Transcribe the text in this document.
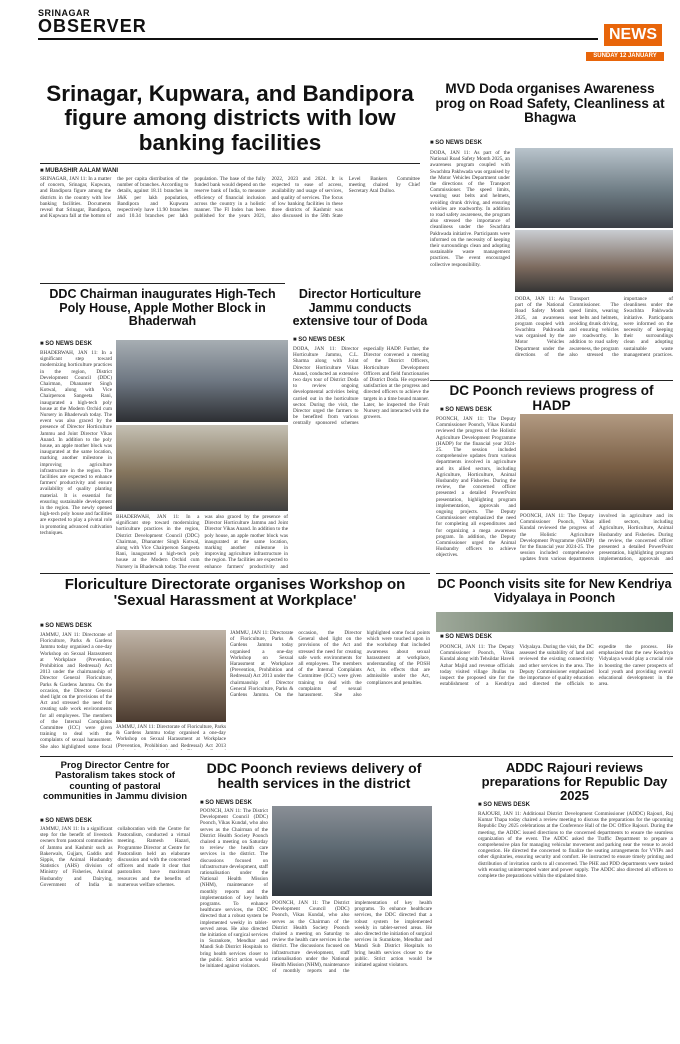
SRINAGAR
OBSERVER	NEWS
SUNDAY 12 JANUARY 2025
Srinagar, Kupwara, and Bandipora figure among districts with low banking facilities
■ MUBASHIR AALAM WANI
SRINAGAR, JAN 11: In a matter of concern, Srinagar, Kupwara, and Bandipora figure among the districts in the country with low banking facilities. Documents reveal that Srinagar, Bandipora, and Kupwara fall at the bottom of the per capita distribution of the number of branches. According to details, against 18.11 branches in J&K per lakh population, Bandipora and Kupwara respectively have 11.90 branches and 10.34 branches per lakh population. The base of the fully funded bank would depend on the reserve bank of India, to measure efficiency of financial inclusion across the country in a holistic manner. The FI Index has been published for the years 2021, 2022, 2023 and 2024. It is expected to ease of access, availability and usage of services, and quality of services. The focus of low banking facilities in these three districts of Kashmir was also discussed in the 58th State Level Bankers Committee meeting chaired by Chief Secretary Atal Dulloo.
MVD Doda organises Awareness prog on Road Safety, Cleanliness at Bhagwa
■ SO NEWS DESK
DODA, JAN 11: As part of the National Road Safety Month 2025, an awareness program coupled with Swachhta Pakhwada was organised by the Motor Vehicles Department under the directions of the Transport Commissioner. The speed limits, wearing seat belts and helmets, avoiding drunk driving, and ensuring vehicles are roadworthy. In addition to road safety awareness, the program also stressed the importance of cleanliness under the Swachhta Pakhwada initiative. Participants were informed on the necessity of keeping their surroundings clean and adopting sustainable waste management practices. The event encouraged collective responsibility.
DODA, JAN 11: As part of the National Road Safety Month 2025, an awareness program coupled with Swachhta Pakhwada was organised by the Motor Vehicles Department under the directions of the Transport Commissioner. The speed limits, wearing seat belts and helmets, avoiding drunk driving, and ensuring vehicles are roadworthy. In addition to road safety awareness, the program also stressed the importance of cleanliness under the Swachhta Pakhwada initiative. Participants were informed on the necessity of keeping their surroundings clean and adopting sustainable waste management practices.
DDC Chairman inaugurates High-Tech Poly House, Apple Mother Block in Bhaderwah
■ SO NEWS DESK
BHADERWAH, JAN 11: In a significant step toward modernizing horticulture practices in the region, District Development Council (DDC) Chairman, Dhananter Singh Kotwal, along with Vice Chairperson Sangeeta Rani, inaugurated a high-tech poly house at the Modern Orchid cum Nursery in Bhaderwah today. The event was also graced by the presence of Director Horticulture Jammu and Joint Director Vikas Anand. In addition to the poly house, an apple mother block was inaugurated at the same location, marking another milestone in improving agriculture infrastructure in the region. The facilities are expected to enhance farmers' productivity and ensure availability of quality planting material. It is essential for ensuring sustainable development in the region. The newly opened high-tech poly house and facilities are expected to play a pivotal role in promoting advanced cultivation techniques.
BHADERWAH, JAN 11: In a significant step toward modernizing horticulture practices in the region, District Development Council (DDC) Chairman, Dhananter Singh Kotwal, along with Vice Chairperson Sangeeta Rani, inaugurated a high-tech poly house at the Modern Orchid cum Nursery in Bhaderwah today. The event was also graced by the presence of Director Horticulture Jammu and Joint Director Vikas Anand. In addition to the poly house, an apple mother block was inaugurated at the same location, marking another milestone in improving agriculture infrastructure in the region. The facilities are expected to enhance farmers' productivity and
Director Horticulture Jammu conducts extensive tour of Doda
■ SO NEWS DESK
DODA, JAN 11: Director Horticulture Jammu, C.L. Sharma along with Joint Director Horticulture Vikas Anand, conducted an extensive two days tour of District Doda to review ongoing developmental activities being carried out in the horticulture sector. During the visit, the Director urged the farmers to be benefited from various centrally sponsored schemes especially HADP. Further, the Director convened a meeting of the District Officers, Horticulture Development Officers and field functionaries of District Doda. He expressed satisfaction at the progress and directed officers to achieve the targets in a time bound manner. Later, he inspected the Fruit Nursery and interacted with the growers.
DC Poonch reviews progress of HADP
■ SO NEWS DESK
POONCH, JAN 11: The Deputy Commissioner Poonch, Vikas Kundal reviewed the progress of the Holistic Agriculture Development Programme (HADP) for the financial year 2024-25. The session included comprehensive updates from various departments involved in agriculture and its allied sectors, including Agriculture, Horticulture, Animal Husbandry and Fisheries. During the review, the concerned officer presented a detailed PowerPoint presentation, highlighting program implementation, approvals and ongoing projects. The Deputy Commissioner emphasized the need for completing all expenditures and for organizing a mega awareness program. In addition, the Deputy Commissioner urged the Animal Husbandry officers to achieve objectives.
POONCH, JAN 11: The Deputy Commissioner Poonch, Vikas Kundal reviewed the progress of the Holistic Agriculture Development Programme (HADP) for the financial year 2024-25. The session included comprehensive updates from various departments involved in agriculture and its allied sectors, including Agriculture, Horticulture, Animal Husbandry and Fisheries. During the review, the concerned officer presented a detailed PowerPoint presentation, highlighting program implementation, approvals and
Floriculture Directorate organises Workshop on 'Sexual Harassment at Workplace'
■ SO NEWS DESK
JAMMU, JAN 11: Directorate of Floriculture, Parks & Gardens Jammu today organised a one-day Workshop on Sexual Harassment at Workplace (Prevention, Prohibition and Redressal) Act 2013 under the chairmanship of Director General Floriculture, Parks & Gardens Jammu. On the occasion, the Director General shed light on the provisions of the Act and stressed the need for creating safe work environments for all employees. The members of the Internal Complaints Committee (ICC) were given training to deal with the complaints of sexual harassment. She also highlighted some focal
JAMMU, JAN 11: Directorate of Floriculture, Parks & Gardens Jammu today organised a one-day Workshop on Sexual Harassment at Workplace (Prevention, Prohibition and Redressal) Act 2013
JAMMU, JAN 11: Directorate of Floriculture, Parks & Gardens Jammu today organised a one-day Workshop on Sexual Harassment at Workplace (Prevention, Prohibition and Redressal) Act 2013 under the chairmanship of Director General Floriculture, Parks & Gardens Jammu. On the occasion, the Director General shed light on the provisions of the Act and stressed the need for creating safe work environments for all employees. The members of the Internal Complaints Committee (ICC) were given training to deal with the complaints of sexual harassment. She also highlighted some focal points which were touched upon in the workshop that included awareness about sexual harassment at workplace, understanding of the POSH Act, its effects that are admissible under the Act, compliances and penalties.
DC Poonch visits site for New Kendriya Vidyalaya in Poonch
■ SO NEWS DESK
POONCH, JAN 11: The Deputy Commissioner Poonch, Vikas Kundal along with Tehsildar Haveli Azhar Majid and revenue officials today visited village Jhullas to inspect the proposed site for the establishment of a Kendriya Vidyalaya. During the visit, the DC assessed the suitability of land and reviewed the existing connectivity and other services in the area. The Deputy Commissioner emphasized the importance of quality education and directed the officials to expedite the process. He emphasized that the new Kendriya Vidyalaya would play a crucial role in boosting the career prospects of local youth and providing overall educational development in the area.
Prog Director Centre for Pastoralism takes stock of counting of pastoral communities in Jammu division
■ SO NEWS DESK
JAMMU, JAN 11: In a significant step for the benefit of livestock owners from pastoral communities of Jammu and Kashmir such as Bakerwals, Gujjars, Gaddis and Sippis, the Animal Husbandry Statistics (AHS) division of Ministry of Fisheries, Animal Husbandry and Dairying, Government of India in collaboration with the Centre for Pastoralism, conducted a virtual meeting. Ramesh Hazari, Programme Director at Centre for Pastoralism held an elaborate discussion and with the concerned officers and made it clear that pastoralists have maximum resources and the benefits of numerous welfare schemes.
DDC Poonch reviews delivery of health services in the district
■ SO NEWS DESK
POONCH, JAN 11: The District Development Council (DDC) Poonch, Vikas Kundal, who also serves as the Chairman of the District Health Society Poonch chaired a meeting on Saturday to review the health care services in the district. The discussions focused on infrastructure development, staff rationalisation under the National Health Mission (NHM), maintenance of monthly reports and the implementation of key health programs. To enhance healthcare services, the DDC directed that a robust system be implemented weekly in tablet-served areas. He also directed the initiation of surgical services in Surankote, Mendhar and Mandi Sub District Hospitals to bring health services closer to the public. Strict action would be initiated against violators.
POONCH, JAN 11: The District Development Council (DDC) Poonch, Vikas Kundal, who also serves as the Chairman of the District Health Society Poonch chaired a meeting on Saturday to review the health care services in the district. The discussions focused on infrastructure development, staff rationalisation under the National Health Mission (NHM), maintenance of monthly reports and the implementation of key health programs. To enhance healthcare services, the DDC directed that a robust system be implemented weekly in tablet-served areas. He also directed the initiation of surgical services in Surankote, Mendhar and Mandi Sub District Hospitals to bring health services closer to the public. Strict action would be initiated against violators.
ADDC Rajouri reviews preparations for Republic Day 2025
■ SO NEWS DESK
RAJOURI, JAN 11: Additional District Development Commissioner (ADDC) Rajouri, Raj Kumar Thapa today chaired a review meeting to discuss the preparations for the upcoming Republic Day 2025 celebrations at the Conference Hall of the DC Office Rajouri. During the meeting, the ADDC issued directions to the concerned departments to ensure the seamless organization of the event. The ADDC asked the Traffic Department to prepare a comprehensive plan for managing vehicular movement and parking near the venue to avoid congestion. He directed the concerned to finalize the seating arrangements for VVIPs and other dignitaries, ensuring security and comfort. He instructed to ensure timely printing and distribution of invitation cards to all concerned. The PHE and PDD departments were tasked with ensuring uninterrupted water and power supply. The ADDC also directed all officers to complete the preparations within the stipulated time.
